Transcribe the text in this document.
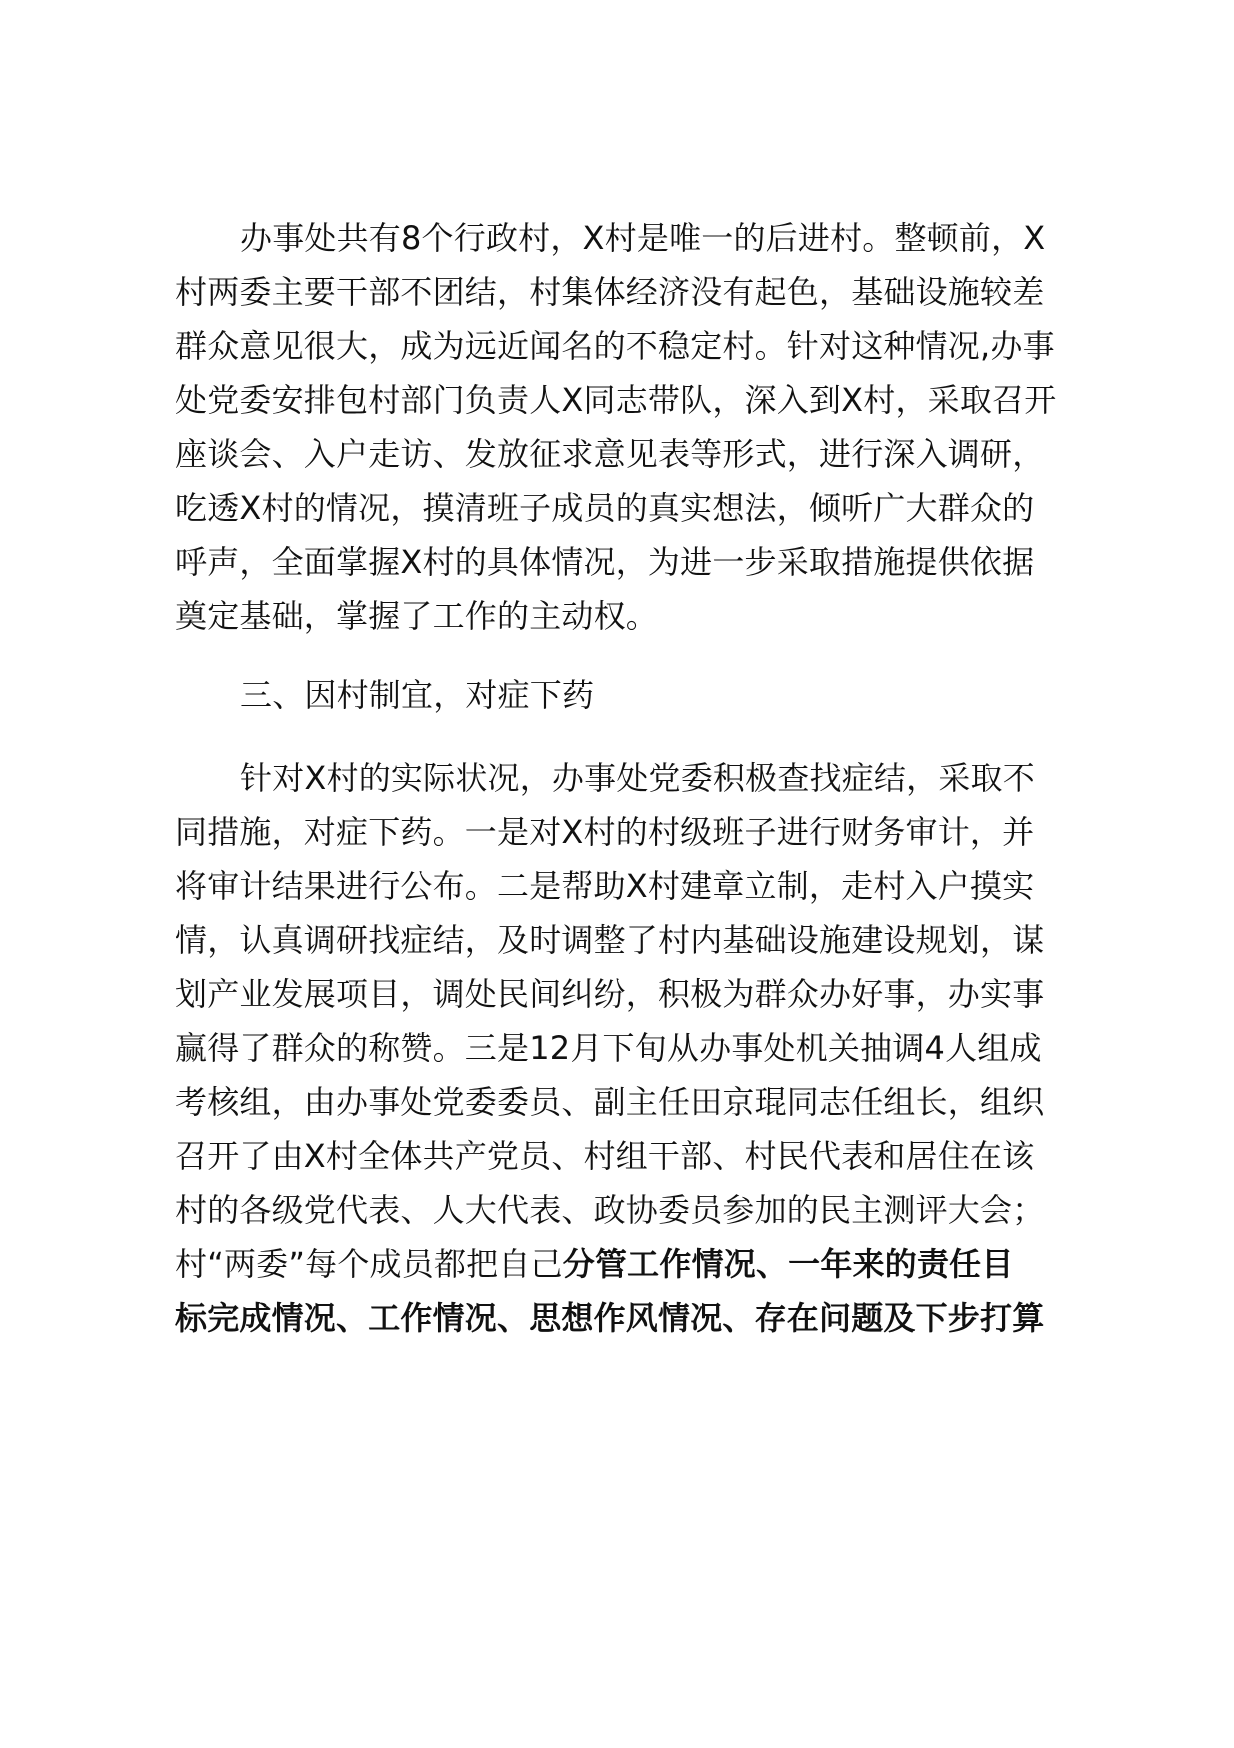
办事处共有8个行政村，X村是唯一的后进村。整顿前，X
村两委主要干部不团结，村集体经济没有起色，基础设施较差
群众意见很大，成为远近闻名的不稳定村。针对这种情况,办事
处党委安排包村部门负责人X同志带队，深入到X村，采取召开
座谈会、入户走访、发放征求意见表等形式，进行深入调研，
吃透X村的情况，摸清班子成员的真实想法，倾听广大群众的
呼声，全面掌握X村的具体情况，为进一步采取措施提供依据
奠定基础，掌握了工作的主动权。
三、因村制宜，对症下药
针对X村的实际状况，办事处党委积极查找症结，采取不
同措施，对症下药。一是对X村的村级班子进行财务审计，并
将审计结果进行公布。二是帮助X村建章立制，走村入户摸实
情，认真调研找症结，及时调整了村内基础设施建设规划，谋
划产业发展项目，调处民间纠纷，积极为群众办好事，办实事
赢得了群众的称赞。三是12月下旬从办事处机关抽调4人组成
考核组，由办事处党委委员、副主任田京琨同志任组长，组织
召开了由X村全体共产党员、村组干部、村民代表和居住在该
村的各级党代表、人大代表、政协委员参加的民主测评大会；
村“两委”每个成员都把自己分管工作情况、一年来的责任目
标完成情况、工作情况、思想作风情况、存在问题及下步打算
